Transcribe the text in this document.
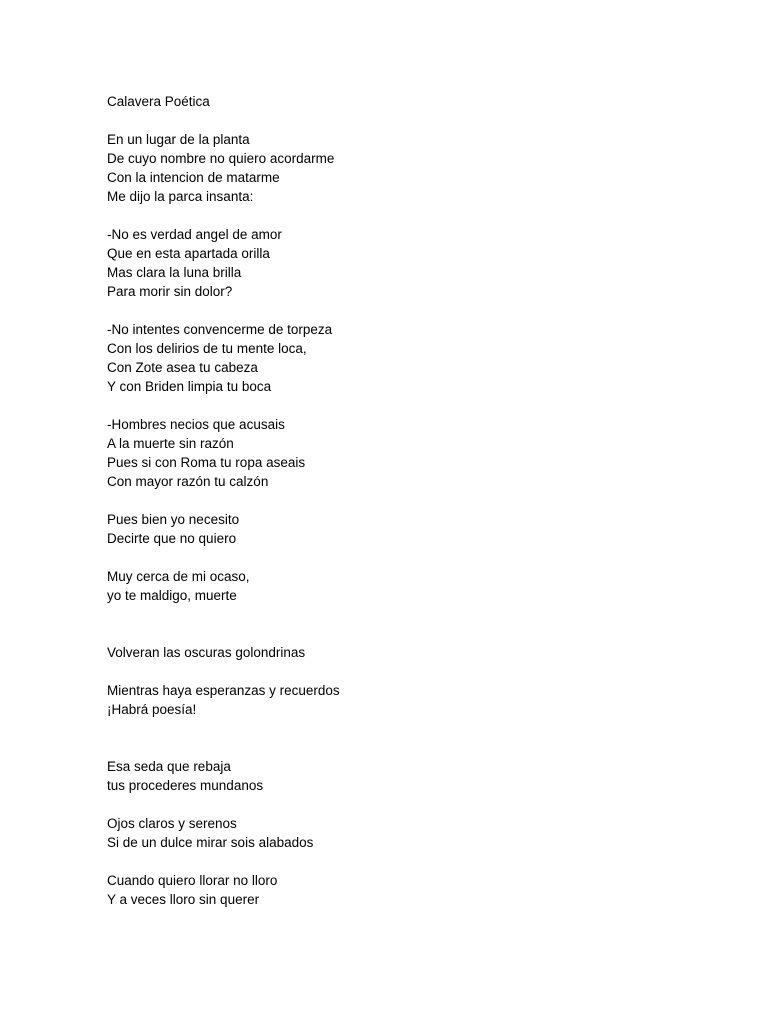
Calavera Poética
En un lugar de la planta
De cuyo nombre no quiero acordarme
Con la intencion de matarme
Me dijo la parca insanta:
-No es verdad angel de amor
Que en esta apartada orilla
Mas clara la luna brilla
Para morir sin dolor?
-No intentes convencerme de torpeza
Con los delirios de tu mente loca,
Con Zote asea tu cabeza
Y con Briden limpia tu boca
-Hombres necios que acusais
A la muerte sin razón
Pues si con Roma tu ropa aseais
Con mayor razón tu calzón
Pues bien yo necesito
Decirte que no quiero
Muy cerca de mi ocaso,
yo te maldigo, muerte
Volveran las oscuras golondrinas
Mientras haya esperanzas y recuerdos
¡Habrá poesía!
Esa seda que rebaja
tus procederes mundanos
Ojos claros y serenos
Si de un dulce mirar sois alabados
Cuando quiero llorar no lloro
Y a veces lloro sin querer
